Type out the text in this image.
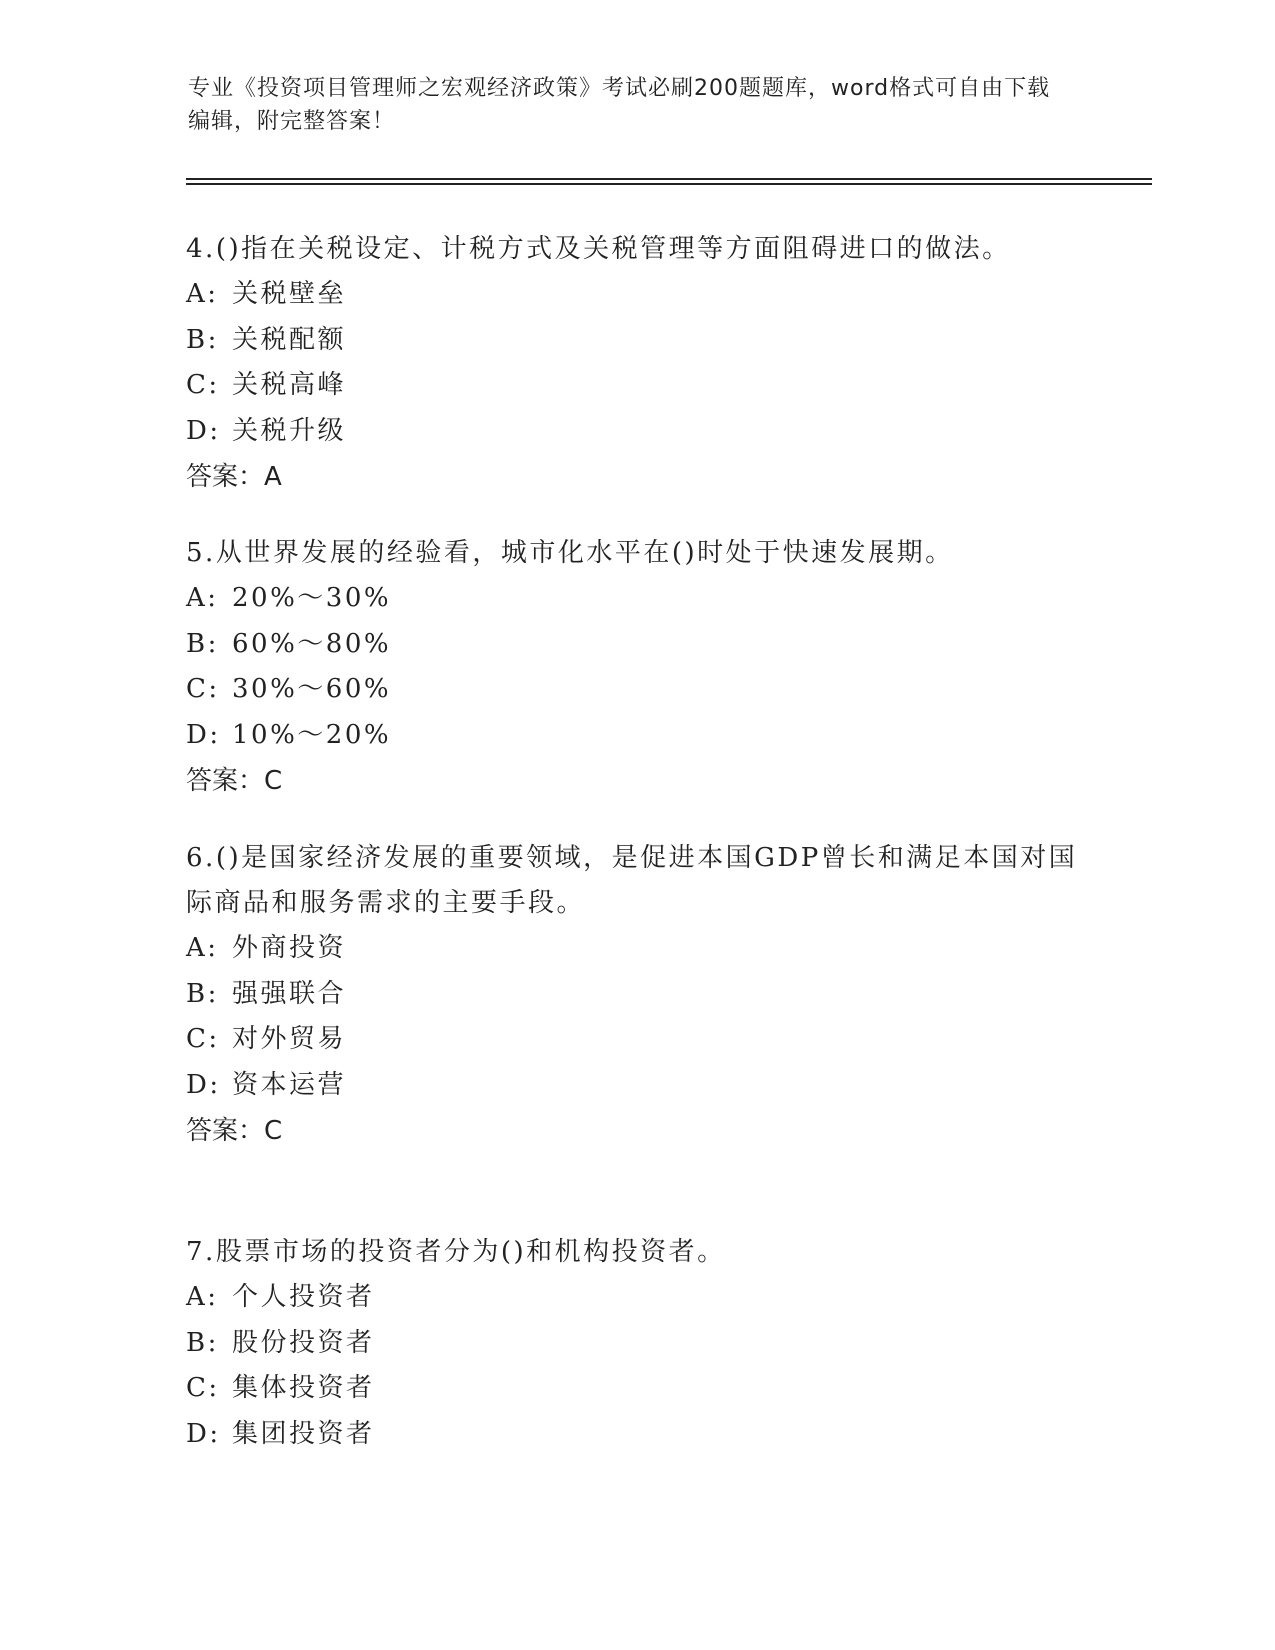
专业《投资项目管理师之宏观经济政策》考试必刷200题题库，word格式可自由下载编辑，附完整答案！

4.()指在关税设定、计税方式及关税管理等方面阻碍进口的做法。

A: 关税壁垒

B: 关税配额

C: 关税高峰

D: 关税升级

答案：A

5.从世界发展的经验看，城市化水平在()时处于快速发展期。

A: 20%～30%

B: 60%～80%

C: 30%～60%

D: 10%～20%

答案：C

6.()是国家经济发展的重要领域，是促进本国GDP曾长和满足本国对国际商品和服务需求的主要手段。

A: 外商投资

B: 强强联合

C: 对外贸易

D: 资本运营

答案：C

7.股票市场的投资者分为()和机构投资者。

A: 个人投资者

B: 股份投资者

C: 集体投资者

D: 集团投资者
